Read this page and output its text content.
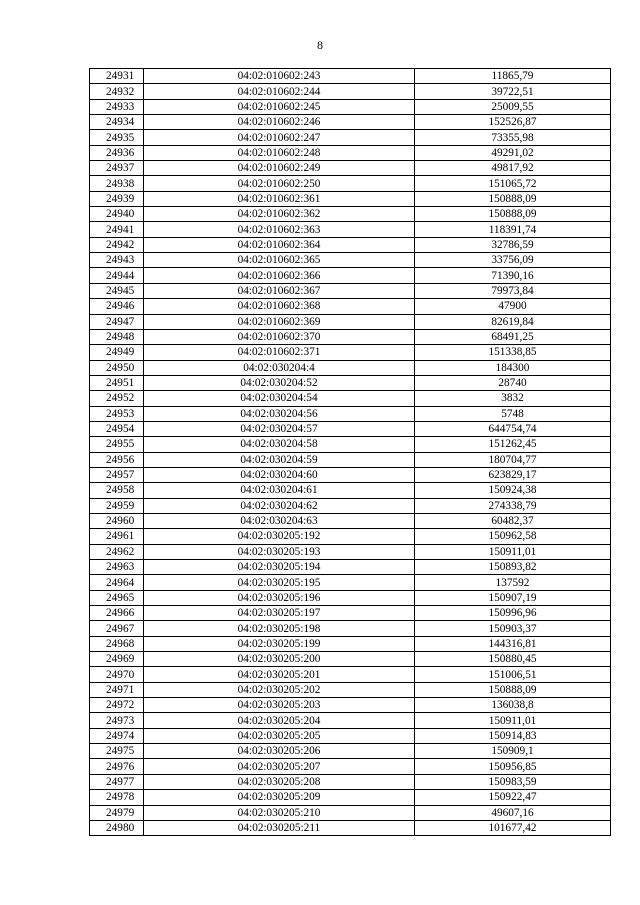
8
24931	04:02:010602:243	11865,79
24932	04:02:010602:244	39722,51
24933	04:02:010602:245	25009,55
24934	04:02:010602:246	152526,87
24935	04:02:010602:247	73355,98
24936	04:02:010602:248	49291,02
24937	04:02:010602:249	49817,92
24938	04:02:010602:250	151065,72
24939	04:02:010602:361	150888,09
24940	04:02:010602:362	150888,09
24941	04:02:010602:363	118391,74
24942	04:02:010602:364	32786,59
24943	04:02:010602:365	33756,09
24944	04:02:010602:366	71390,16
24945	04:02:010602:367	79973,84
24946	04:02:010602:368	47900
24947	04:02:010602:369	82619,84
24948	04:02:010602:370	68491,25
24949	04:02:010602:371	151338,85
24950	04:02:030204:4	184300
24951	04:02:030204:52	28740
24952	04:02:030204:54	3832
24953	04:02:030204:56	5748
24954	04:02:030204:57	644754,74
24955	04:02:030204:58	151262,45
24956	04:02:030204:59	180704,77
24957	04:02:030204:60	623829,17
24958	04:02:030204:61	150924,38
24959	04:02:030204:62	274338,79
24960	04:02:030204:63	60482,37
24961	04:02:030205:192	150962,58
24962	04:02:030205:193	150911,01
24963	04:02:030205:194	150893,82
24964	04:02:030205:195	137592
24965	04:02:030205:196	150907,19
24966	04:02:030205:197	150996,96
24967	04:02:030205:198	150903,37
24968	04:02:030205:199	144316,81
24969	04:02:030205:200	150880,45
24970	04:02:030205:201	151006,51
24971	04:02:030205:202	150888,09
24972	04:02:030205:203	136038,8
24973	04:02:030205:204	150911,01
24974	04:02:030205:205	150914,83
24975	04:02:030205:206	150909,1
24976	04:02:030205:207	150956,85
24977	04:02:030205:208	150983,59
24978	04:02:030205:209	150922,47
24979	04:02:030205:210	49607,16
24980	04:02:030205:211	101677,42
